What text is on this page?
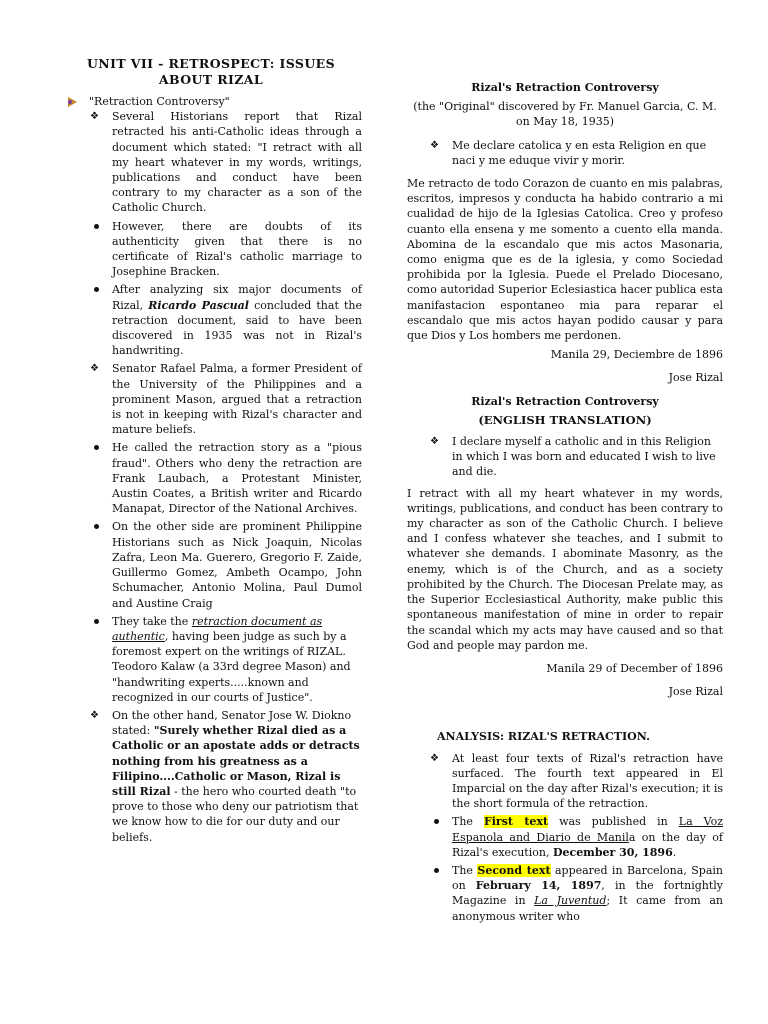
UNIT VII - RETROSPECT: ISSUES ABOUT RIZAL
"Retraction Controversy"
❖ Several Historians report that Rizal retracted his anti-Catholic ideas through a document which stated: "I retract with all my heart whatever in my words, writings, publications and conduct have been contrary to my character as a son of the Catholic Church.
However, there are doubts of its authenticity given that there is no certificate of Rizal's catholic marriage to Josephine Bracken.
After analyzing six major documents of Rizal, Ricardo Pascual concluded that the retraction document, said to have been discovered in 1935 was not in Rizal's handwriting.
❖ Senator Rafael Palma, a former President of the University of the Philippines and a prominent Mason, argued that a retraction is not in keeping with Rizal's character and mature beliefs.
He called the retraction story as a "pious fraud". Others who deny the retraction are Frank Laubach, a Protestant Minister, Austin Coates, a British writer and Ricardo Manapat, Director of the National Archives.
On the other side are prominent Philippine Historians such as Nick Joaquin, Nicolas Zafra, Leon Ma. Guerero, Gregorio F. Zaide, Guillermo Gomez, Ambeth Ocampo, John Schumacher, Antonio Molina, Paul Dumol and Austine Craig
They take the retraction document as authentic, having been judge as such by a foremost expert on the writings of RIZAL. Teodoro Kalaw (a 33rd degree Mason) and "handwriting experts.....known and recognized in our courts of Justice".
❖ On the other hand, Senator Jose W. Diokno stated: "Surely whether Rizal died as a Catholic or an apostate adds or detracts nothing from his greatness as a Filipino....Catholic or Mason, Rizal is still Rizal - the hero who courted death "to prove to those who deny our patriotism that we know how to die for our duty and our beliefs.

Rizal's Retraction Controversy

(the "Original" discovered by Fr. Manuel Garcia, C. M. on May 18, 1935)

❖ Me declare catolica y en esta Religion en que naci y me eduque vivir y morir.

Me retracto de todo Corazon de cuanto en mis palabras, escritos, impresos y conducta ha habido contrario a mi cualidad de hijo de la Iglesias Catolica. Creo y profeso cuanto ella ensena y me somento a cuento ella manda. Abomina de la escandalo que mis actos Masonaria, como enigma que es de la iglesia, y como Sociedad prohibida por la Iglesia. Puede el Prelado Diocesano, como autoridad Superior Eclesiastica hacer publica esta manifastacion espontaneo mia para reparar el escandalo que mis actos hayan podido causar y para que Dios y Los hombers me perdonen.

Manila 29, Deciembre de 1896

Jose Rizal

Rizal's Retraction Controversy

(ENGLISH TRANSLATION)

❖ I declare myself a catholic and in this Religion in which I was born and educated I wish to live and die.

I retract with all my heart whatever in my words, writings, publications, and conduct has been contrary to my character as son of the Catholic Church. I believe and I confess whatever she teaches, and I submit to whatever she demands. I abominate Masonry, as the enemy, which is of the Church, and as a society prohibited by the Church. The Diocesan Prelate may, as the Superior Ecclesiastical Authority, make public this spontaneous manifestation of mine in order to repair the scandal which my acts may have caused and so that God and people may pardon me.

Manila 29 of December of 1896

Jose Rizal

ANALYSIS: RIZAL'S RETRACTION.

❖ At least four texts of Rizal's retraction have surfaced. The fourth text appeared in El Imparcial on the day after Rizal's execution; it is the short formula of the retraction.
The First text was published in La Voz Espanola and Diario de Manila on the day of Rizal's execution, December 30, 1896.
The Second text appeared in Barcelona, Spain on February 14, 1897, in the fortnightly Magazine in La Juventud; It came from an anonymous writer who
